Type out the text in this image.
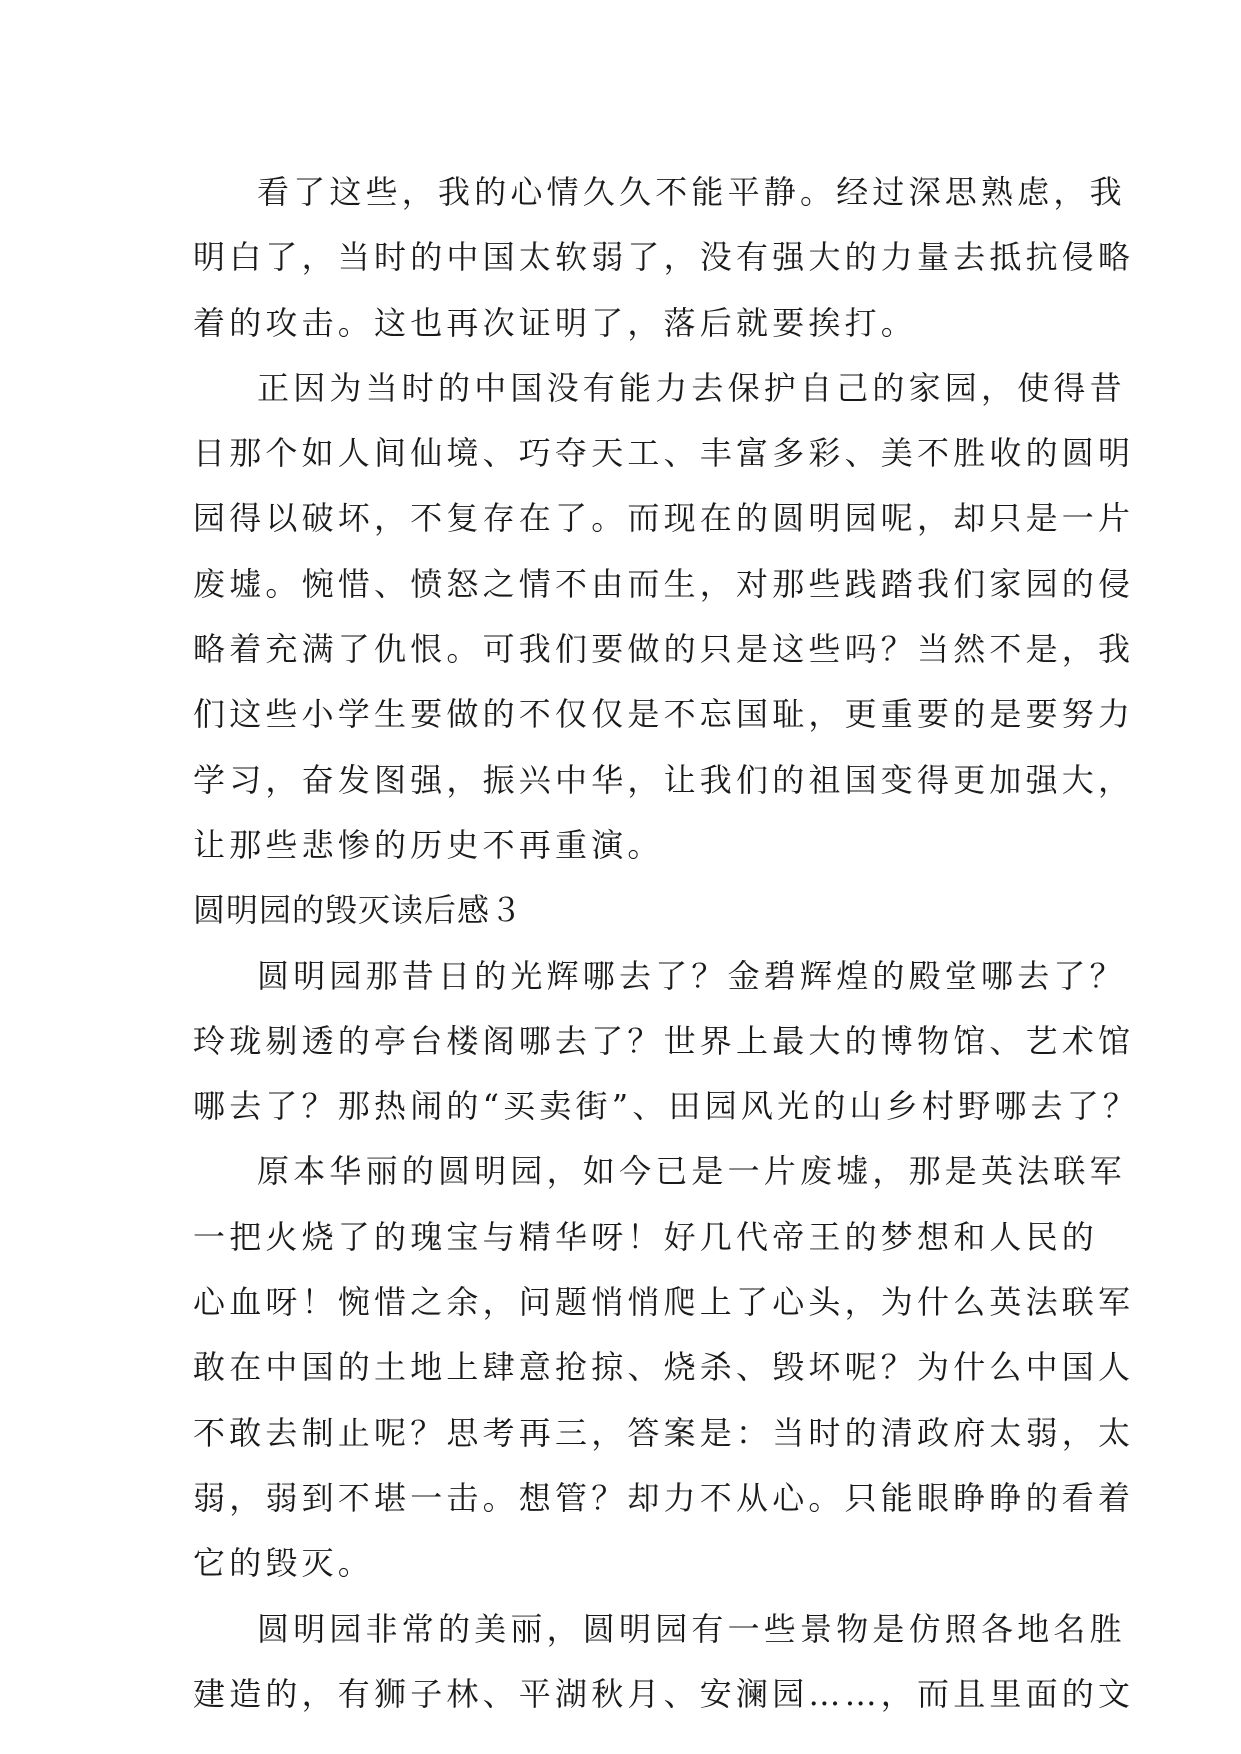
看了这些，我的心情久久不能平静。经过深思熟虑，我
明白了，当时的中国太软弱了，没有强大的力量去抵抗侵略
着的攻击。这也再次证明了，落后就要挨打。
正因为当时的中国没有能力去保护自己的家园，使得昔
日那个如人间仙境、巧夺天工、丰富多彩、美不胜收的圆明
园得以破坏，不复存在了。而现在的圆明园呢，却只是一片
废墟。惋惜、愤怒之情不由而生，对那些践踏我们家园的侵
略着充满了仇恨。可我们要做的只是这些吗？当然不是，我
们这些小学生要做的不仅仅是不忘国耻，更重要的是要努力
学习，奋发图强，振兴中华，让我们的祖国变得更加强大，
让那些悲惨的历史不再重演。
圆明园的毁灭读后感３
圆明园那昔日的光辉哪去了？金碧辉煌的殿堂哪去了？
玲珑剔透的亭台楼阁哪去了？世界上最大的博物馆、艺术馆
哪去了？那热闹的“买卖街”、田园风光的山乡村野哪去了？
原本华丽的圆明园，如今已是一片废墟，那是英法联军
一把火烧了的瑰宝与精华呀！好几代帝王的梦想和人民的
心血呀！惋惜之余，问题悄悄爬上了心头，为什么英法联军
敢在中国的土地上肆意抢掠、烧杀、毁坏呢？为什么中国人
不敢去制止呢？思考再三，答案是：当时的清政府太弱，太
弱，弱到不堪一击。想管？却力不从心。只能眼睁睁的看着
它的毁灭。
圆明园非常的美丽，圆明园有一些景物是仿照各地名胜
建造的，有狮子林、平湖秋月、安澜园……，而且里面的文
